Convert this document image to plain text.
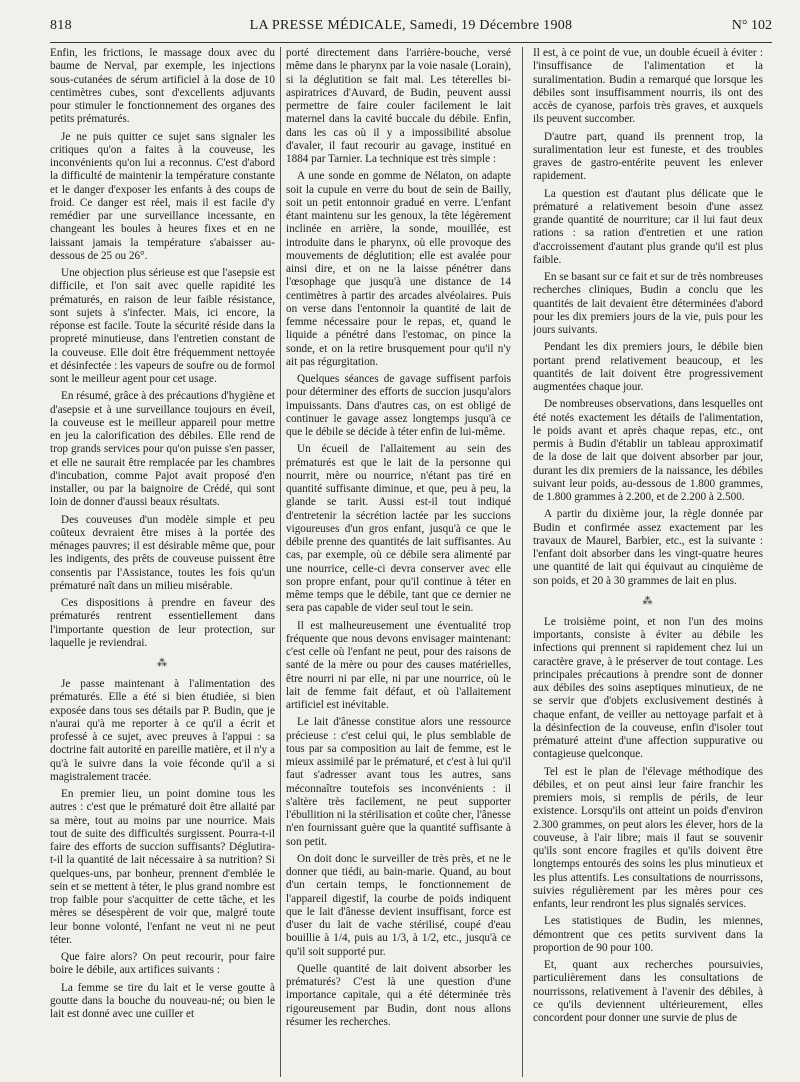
818	LA PRESSE MÉDICALE, Samedi, 19 Décembre 1908	N° 102

Enfin, les frictions, le massage doux avec du baume de Nerval, par exemple, les injections sous-cutanées de sérum artificiel à la dose de 10 centimètres cubes, sont d'excellents adjuvants pour stimuler le fonctionnement des organes des petits prématurés.

Je ne puis quitter ce sujet sans signaler les critiques qu'on a faites à la couveuse, les inconvénients qu'on lui a reconnus. C'est d'abord la difficulté de maintenir la température constante et le danger d'exposer les enfants à des coups de froid. Ce danger est réel, mais il est facile d'y remédier par une surveillance incessante, en changeant les boules à heures fixes et en ne laissant jamais la température s'abaisser au-dessous de 25 ou 26°.

Une objection plus sérieuse est que l'asepsie est difficile, et l'on sait avec quelle rapidité les prématurés, en raison de leur faible résistance, sont sujets à s'infecter. Mais, ici encore, la réponse est facile. Toute la sécurité réside dans la propreté minutieuse, dans l'entretien constant de la couveuse. Elle doit être fréquemment nettoyée et désinfectée : les vapeurs de soufre ou de formol sont le meilleur agent pour cet usage.

En résumé, grâce à des précautions d'hygiène et d'asepsie et à une surveillance toujours en éveil, la couveuse est le meilleur appareil pour mettre en jeu la calorification des débiles. Elle rend de trop grands services pour qu'on puisse s'en passer, et elle ne saurait être remplacée par les chambres d'incubation, comme Pajot avait proposé d'en installer, ou par la baignoire de Crédé, qui sont loin de donner d'aussi beaux résultats.

Des couveuses d'un modèle simple et peu coûteux devraient être mises à la portée des ménages pauvres; il est désirable même que, pour les indigents, des prêts de couveuse puissent être consentis par l'Assistance, toutes les fois qu'un prématuré naît dans un milieu misérable.

Ces dispositions à prendre en faveur des prématurés rentrent essentiellement dans l'importante question de leur protection, sur laquelle je reviendrai.

⁂

Je passe maintenant à l'alimentation des prématurés. Elle a été si bien étudiée, si bien exposée dans tous ses détails par P. Budin, que je n'aurai qu'à me reporter à ce qu'il a écrit et professé à ce sujet, avec preuves à l'appui : sa doctrine fait autorité en pareille matière, et il n'y a qu'à le suivre dans la voie féconde qu'il a si magistralement tracée.

En premier lieu, un point domine tous les autres : c'est que le prématuré doit être allaité par sa mère, tout au moins par une nourrice. Mais tout de suite des difficultés surgissent. Pourra-t-il faire des efforts de succion suffisants? Déglutira-t-il la quantité de lait nécessaire à sa nutrition? Si quelques-uns, par bonheur, prennent d'emblée le sein et se mettent à téter, le plus grand nombre est trop faible pour s'acquitter de cette tâche, et les mères se désespèrent de voir que, malgré toute leur bonne volonté, l'enfant ne veut ni ne peut téter.

Que faire alors? On peut recourir, pour faire boire le débile, aux artifices suivants :

La femme se tire du lait et le verse goutte à goutte dans la bouche du nouveau-né; ou bien le lait est donné avec une cuiller et

porté directement dans l'arrière-bouche, versé même dans le pharynx par la voie nasale (Lorain), si la déglutition se fait mal. Les téterelles bi-aspiratrices d'Auvard, de Budin, peuvent aussi permettre de faire couler facilement le lait maternel dans la cavité buccale du débile. Enfin, dans les cas où il y a impossibilité absolue d'avaler, il faut recourir au gavage, institué en 1884 par Tarnier. La technique est très simple :

A une sonde en gomme de Nélaton, on adapte soit la cupule en verre du bout de sein de Bailly, soit un petit entonnoir gradué en verre. L'enfant étant maintenu sur les genoux, la tête légèrement inclinée en arrière, la sonde, mouillée, est introduite dans le pharynx, où elle provoque des mouvements de déglutition; elle est avalée pour ainsi dire, et on ne la laisse pénétrer dans l'œsophage que jusqu'à une distance de 14 centimètres à partir des arcades alvéolaires. Puis on verse dans l'entonnoir la quantité de lait de femme nécessaire pour le repas, et, quand le liquide a pénétré dans l'estomac, on pince la sonde, et on la retire brusquement pour qu'il n'y ait pas régurgitation.

Quelques séances de gavage suffisent parfois pour déterminer des efforts de succion jusqu'alors impuissants. Dans d'autres cas, on est obligé de continuer le gavage assez longtemps jusqu'à ce que le débile se décide à téter enfin de lui-même.

Un écueil de l'allaitement au sein des prématurés est que le lait de la personne qui nourrit, mère ou nourrice, n'étant pas tiré en quantité suffisante diminue, et que, peu à peu, la glande se tarit. Aussi est-il tout indiqué d'entretenir la sécrétion lactée par les succions vigoureuses d'un gros enfant, jusqu'à ce que le débile prenne des quantités de lait suffisantes. Au cas, par exemple, où ce débile sera alimenté par une nourrice, celle-ci devra conserver avec elle son propre enfant, pour qu'il continue à téter en même temps que le débile, tant que ce dernier ne sera pas capable de vider seul tout le sein.

Il est malheureusement une éventualité trop fréquente que nous devons envisager maintenant: c'est celle où l'enfant ne peut, pour des raisons de santé de la mère ou pour des causes matérielles, être nourri ni par elle, ni par une nourrice, où le lait de femme fait défaut, et où l'allaitement artificiel est inévitable.

Le lait d'ânesse constitue alors une ressource précieuse : c'est celui qui, le plus semblable de tous par sa composition au lait de femme, est le mieux assimilé par le prématuré, et c'est à lui qu'il faut s'adresser avant tous les autres, sans méconnaître toutefois ses inconvénients : il s'altère très facilement, ne peut supporter l'ébullition ni la stérilisation et coûte cher, l'ânesse n'en fournissant guère que la quantité suffisante à son petit.

On doit donc le surveiller de très près, et ne le donner que tiédi, au bain-marie. Quand, au bout d'un certain temps, le fonctionnement de l'appareil digestif, la courbe de poids indiquent que le lait d'ânesse devient insuffisant, force est d'user du lait de vache stérilisé, coupé d'eau bouillie à 1/4, puis au 1/3, à 1/2, etc., jusqu'à ce qu'il soit supporté pur.

Quelle quantité de lait doivent absorber les prématurés? C'est là une question d'une importance capitale, qui a été déterminée très rigoureusement par Budin, dont nous allons résumer les recherches.

Il est, à ce point de vue, un double écueil à éviter : l'insuffisance de l'alimentation et la suralimentation. Budin a remarqué que lorsque les débiles sont insuffisamment nourris, ils ont des accès de cyanose, parfois très graves, et auxquels ils peuvent succomber.

D'autre part, quand ils prennent trop, la suralimentation leur est funeste, et des troubles graves de gastro-entérite peuvent les enlever rapidement.

La question est d'autant plus délicate que le prématuré a relativement besoin d'une assez grande quantité de nourriture; car il lui faut deux rations : sa ration d'entretien et une ration d'accroissement d'autant plus grande qu'il est plus faible.

En se basant sur ce fait et sur de très nombreuses recherches cliniques, Budin a conclu que les quantités de lait devaient être déterminées d'abord pour les dix premiers jours de la vie, puis pour les jours suivants.

Pendant les dix premiers jours, le débile bien portant prend relativement beaucoup, et les quantités de lait doivent être progressivement augmentées chaque jour.

De nombreuses observations, dans lesquelles ont été notés exactement les détails de l'alimentation, le poids avant et après chaque repas, etc., ont permis à Budin d'établir un tableau approximatif de la dose de lait que doivent absorber par jour, durant les dix premiers de la naissance, les débiles suivant leur poids, au-dessous de 1.800 grammes, de 1.800 grammes à 2.200, et de 2.200 à 2.500.

A partir du dixième jour, la règle donnée par Budin et confirmée assez exactement par les travaux de Maurel, Barbier, etc., est la suivante : l'enfant doit absorber dans les vingt-quatre heures une quantité de lait qui équivaut au cinquième de son poids, et 20 à 30 grammes de lait en plus.

⁂

Le troisième point, et non l'un des moins importants, consiste à éviter au débile les infections qui prennent si rapidement chez lui un caractère grave, à le préserver de tout contage. Les principales précautions à prendre sont de donner aux débiles des soins aseptiques minutieux, de ne se servir que d'objets exclusivement destinés à chaque enfant, de veiller au nettoyage parfait et à la désinfection de la couveuse, enfin d'isoler tout prématuré atteint d'une affection suppurative ou contagieuse quelconque.

Tel est le plan de l'élevage méthodique des débiles, et on peut ainsi leur faire franchir les premiers mois, si remplis de périls, de leur existence. Lorsqu'ils ont atteint un poids d'environ 2.300 grammes, on peut alors les élever, hors de la couveuse, à l'air libre; mais il faut se souvenir qu'ils sont encore fragiles et qu'ils doivent être longtemps entourés des soins les plus minutieux et les plus attentifs. Les consultations de nourrissons, suivies régulièrement par les mères pour ces enfants, leur rendront les plus signalés services.

Les statistiques de Budin, les miennes, démontrent que ces petits survivent dans la proportion de 90 pour 100.

Et, quant aux recherches poursuivies, particulièrement dans les consultations de nourrissons, relativement à l'avenir des débiles, à ce qu'ils deviennent ultérieurement, elles concordent pour donner une survie de plus de
